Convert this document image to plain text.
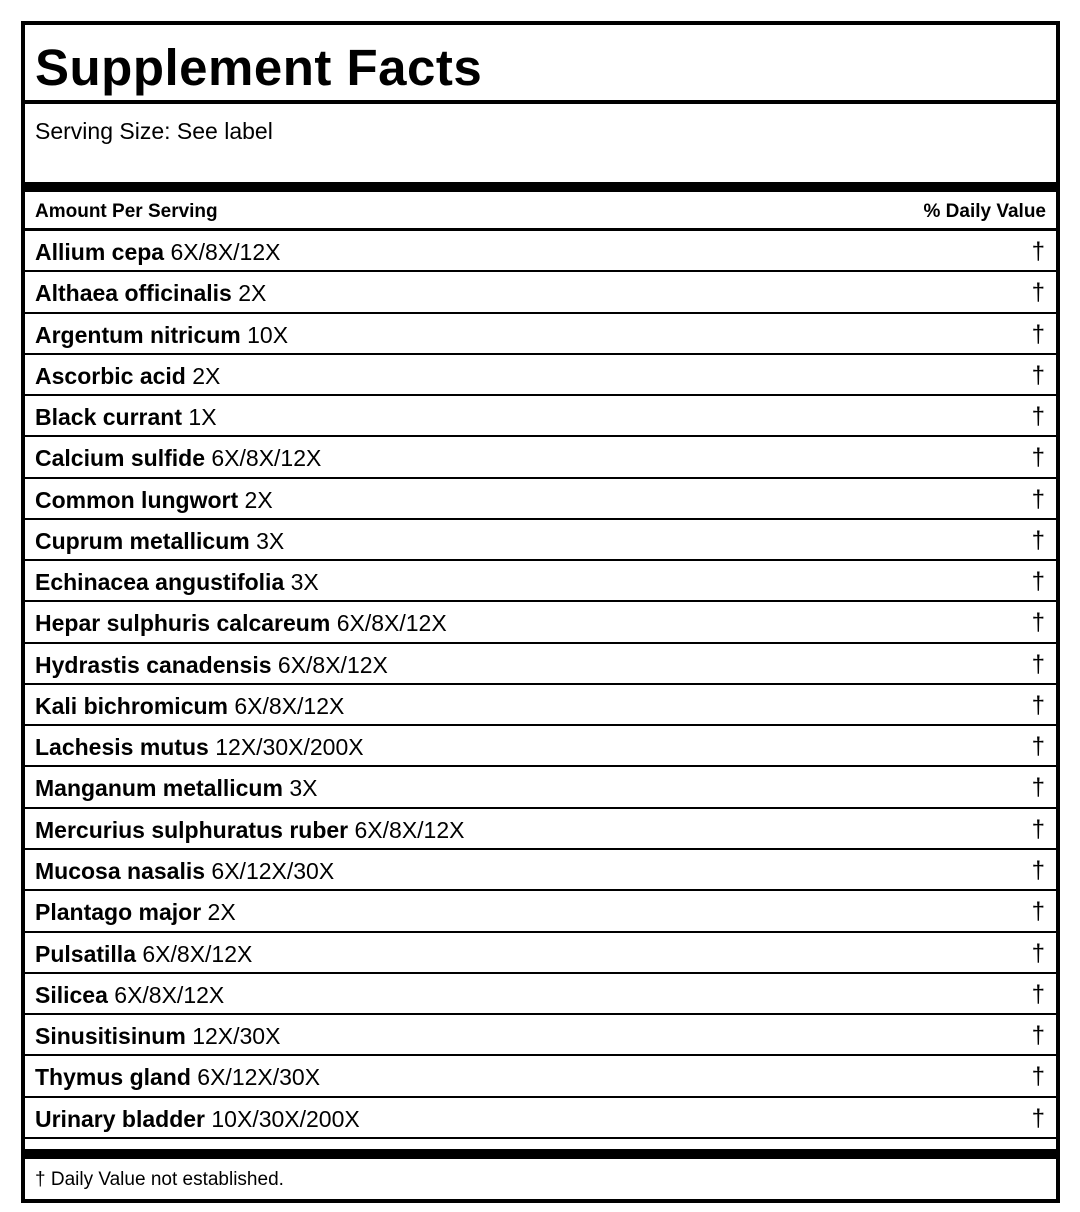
Supplement Facts
Serving Size: See label
Amount Per Serving	% Daily Value
Allium cepa 6X/8X/12X	†
Althaea officinalis 2X	†
Argentum nitricum 10X	†
Ascorbic acid 2X	†
Black currant 1X	†
Calcium sulfide 6X/8X/12X	†
Common lungwort 2X	†
Cuprum metallicum 3X	†
Echinacea angustifolia 3X	†
Hepar sulphuris calcareum 6X/8X/12X	†
Hydrastis canadensis 6X/8X/12X	†
Kali bichromicum 6X/8X/12X	†
Lachesis mutus 12X/30X/200X	†
Manganum metallicum 3X	†
Mercurius sulphuratus ruber 6X/8X/12X	†
Mucosa nasalis 6X/12X/30X	†
Plantago major 2X	†
Pulsatilla 6X/8X/12X	†
Silicea 6X/8X/12X	†
Sinusitisinum 12X/30X	†
Thymus gland 6X/12X/30X	†
Urinary bladder 10X/30X/200X	†
† Daily Value not established.
